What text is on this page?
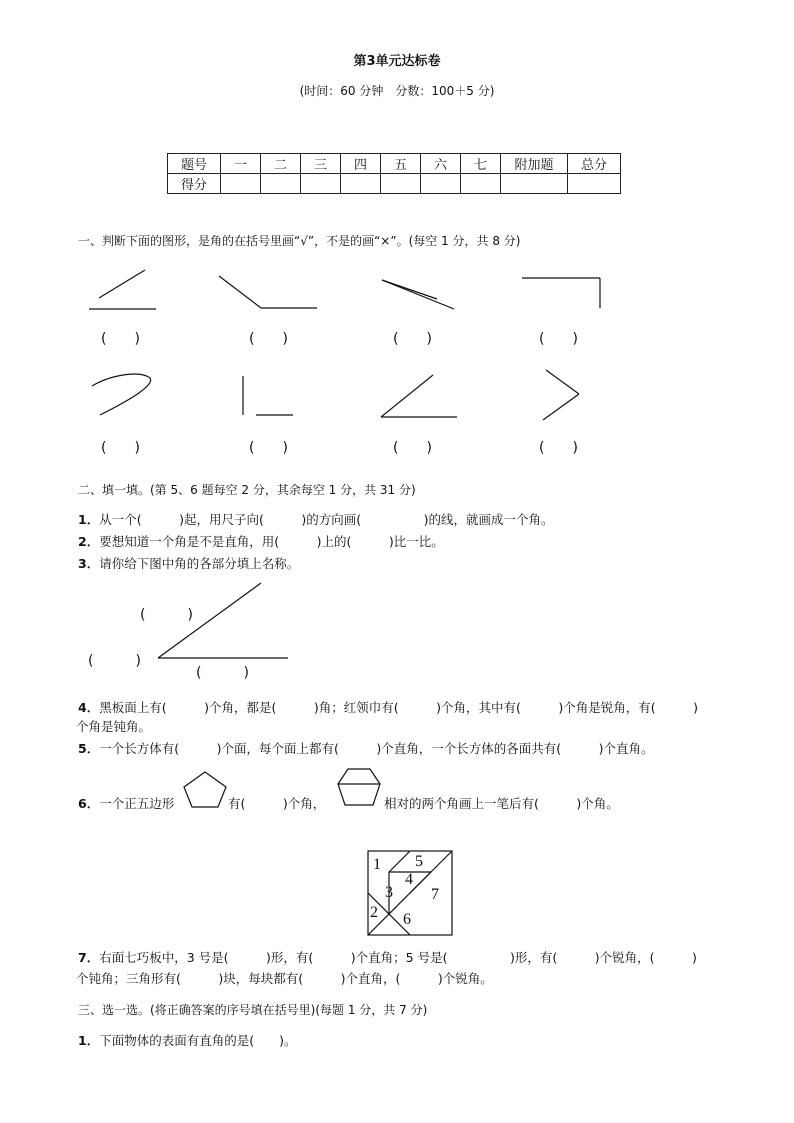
第3单元达标卷
(时间：60 分钟　分数：100＋5 分)
题号	一	二	三	四	五	六	七	附加题	总分
得分									
一、判断下面的图形，是角的在括号里画“√”，不是的画“×”。(每空 1 分，共 8 分)
(　　)	(　　)	(　　)	(　　)
(　　)	(　　)	(　　)	(　　)
二、填一填。(第 5、6 题每空 2 分，其余每空 1 分，共 31 分)
1．从一个(　　　)起，用尺子向(　　　)的方向画(　　　　　)的线，就画成一个角。
2．要想知道一个角是不是直角，用(　　　)上的(　　　)比一比。
3．请你给下图中角的各部分填上名称。
(　　　)
(　　　)
(　　　)
4．黑板面上有(　　　)个角，都是(　　　)角；红领巾有(　　　)个角，其中有(　　　)个角是锐角，有(　　　)
个角是钝角。
5．一个长方体有(　　　)个面，每个面上都有(　　　)个直角，一个长方体的各面共有(　　　)个直角。
6．一个正五边形	有(　　　)个角，	相对的两个角画上一笔后有(　　　)个角。
1 5
4
3 7
2 6
7．右面七巧板中，3 号是(　　　)形，有(　　　)个直角；5 号是(　　　　　)形，有(　　　)个锐角，(　　　)
个钝角；三角形有(　　　)块，每块都有(　　　)个直角，(　　　)个锐角。
三、选一选。(将正确答案的序号填在括号里)(每题 1 分，共 7 分)
1．下面物体的表面有直角的是(　　)。
